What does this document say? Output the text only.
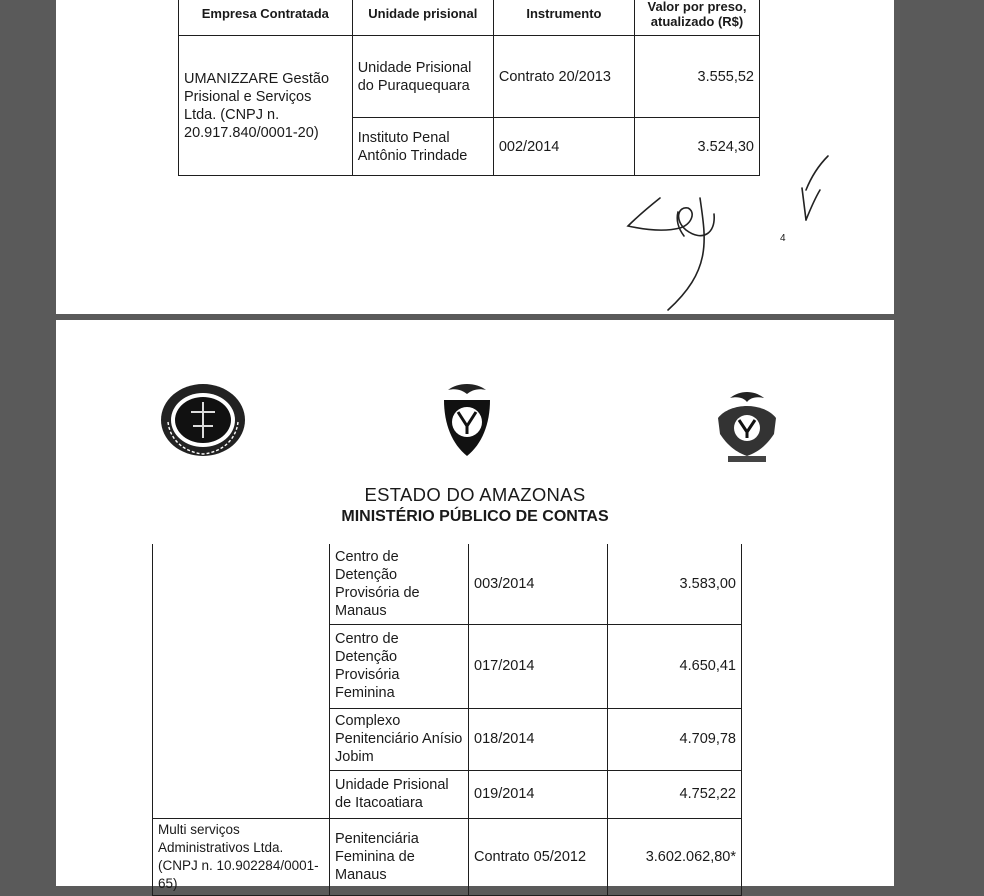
Empresa Contratada	Unidade prisional	Instrumento	Valor por preso, atualizado (R$)
UMANIZZARE Gestão Prisional e Serviços Ltda. (CNPJ n. 20.917.840/0001-20)	Unidade Prisional do Puraquequara	Contrato 20/2013	3.555,52
	Instituto Penal Antônio Trindade	002/2014	3.524,30
4
ESTADO DO AMAZONAS
MINISTÉRIO PÚBLICO DE CONTAS
	Centro de Detenção Provisória de Manaus	003/2014	3.583,00
	Centro de Detenção Provisória Feminina	017/2014	4.650,41
	Complexo Penitenciário Anísio Jobim	018/2014	4.709,78
	Unidade Prisional de Itacoatiara	019/2014	4.752,22
Multi serviços Administrativos Ltda. (CNPJ n. 10.902284/0001-65)	Penitenciária Feminina de Manaus	Contrato 05/2012	3.602.062,80*
